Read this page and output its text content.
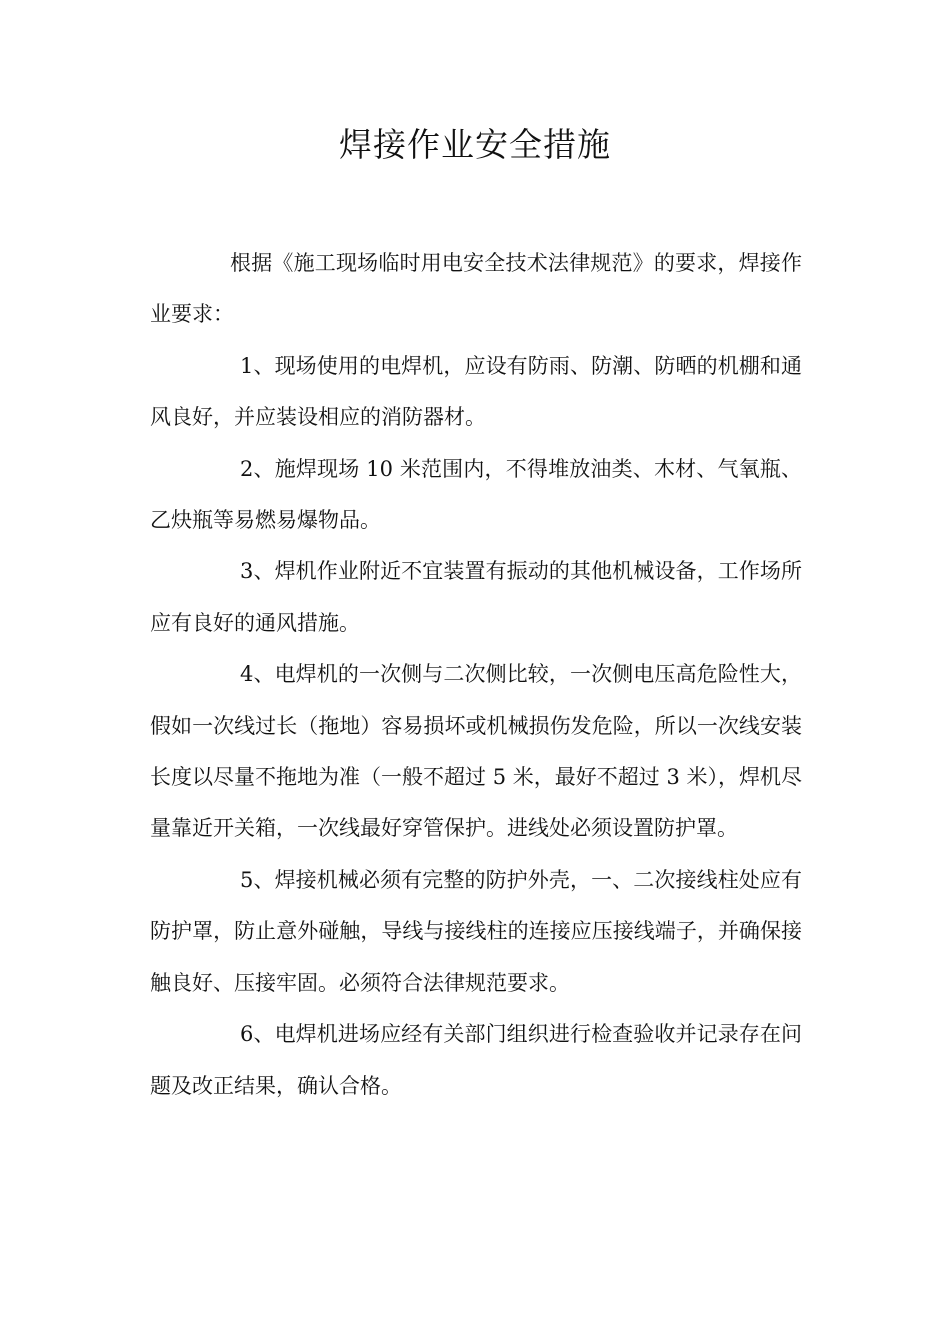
焊接作业安全措施

根据《施工现场临时用电安全技术法律规范》的要求，焊接作业要求：

1、现场使用的电焊机，应设有防雨、防潮、防晒的机棚和通风良好，并应装设相应的消防器材。

2、施焊现场 10 米范围内，不得堆放油类、木材、气氧瓶、乙炔瓶等易燃易爆物品。

3、焊机作业附近不宜装置有振动的其他机械设备，工作场所应有良好的通风措施。

4、电焊机的一次侧与二次侧比较，一次侧电压高危险性大，假如一次线过长（拖地）容易损坏或机械损伤发危险，所以一次线安装长度以尽量不拖地为准（一般不超过 5 米，最好不超过 3 米），焊机尽量靠近开关箱，一次线最好穿管保护。进线处必须设置防护罩。

5、焊接机械必须有完整的防护外壳，一、二次接线柱处应有防护罩，防止意外碰触，导线与接线柱的连接应压接线端子，并确保接触良好、压接牢固。必须符合法律规范要求。

6、电焊机进场应经有关部门组织进行检查验收并记录存在问题及改正结果，确认合格。
